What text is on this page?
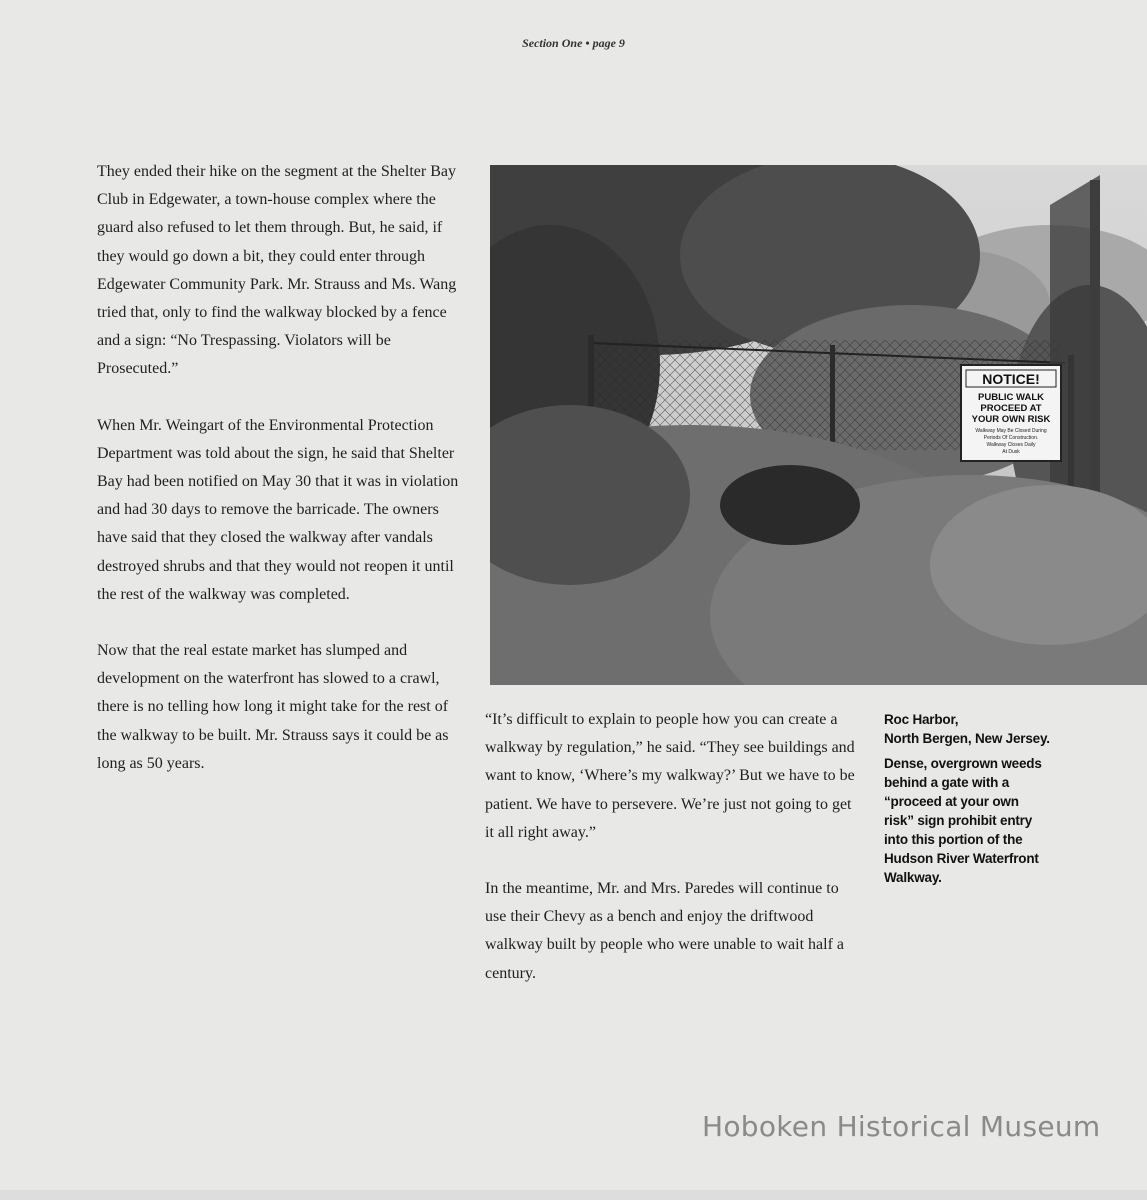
Section One • page 9

They ended their hike on the segment at the Shelter Bay Club in Edgewater, a town-house complex where the guard also refused to let them through. But, he said, if they would go down a bit, they could enter through Edgewater Community Park. Mr. Strauss and Ms. Wang tried that, only to find the walkway blocked by a fence and a sign: “No Trespassing. Violators will be Prosecuted.”

When Mr. Weingart of the Environmental Protection Department was told about the sign, he said that Shelter Bay had been notified on May 30 that it was in violation and had 30 days to remove the barricade. The owners have said that they closed the walkway after vandals destroyed shrubs and that they would not reopen it until the rest of the walkway was completed.

Now that the real estate market has slumped and development on the waterfront has slowed to a crawl, there is no telling how long it might take for the rest of the walkway to be built. Mr. Strauss says it could be as long as 50 years.

NOTICE!
PUBLIC WALK
PROCEED AT
YOUR OWN RISK
Walkway May Be Closed During
Periods Of Construction.
Walkway Closes Daily
At Dusk

“It’s difficult to explain to people how you can create a walkway by regulation,” he said. “They see buildings and want to know, ‘Where’s my walkway?’ But we have to be patient. We have to persevere. We’re just not going to get it all right away.”

In the meantime, Mr. and Mrs. Paredes will continue to use their Chevy as a bench and enjoy the driftwood walkway built by people who were unable to wait half a century.

Roc Harbor,
North Bergen, New Jersey.
Dense, overgrown weeds
behind a gate with a
“proceed at your own
risk” sign prohibit entry
into this portion of the
Hudson River Waterfront
Walkway.
Hoboken Historical Museum
